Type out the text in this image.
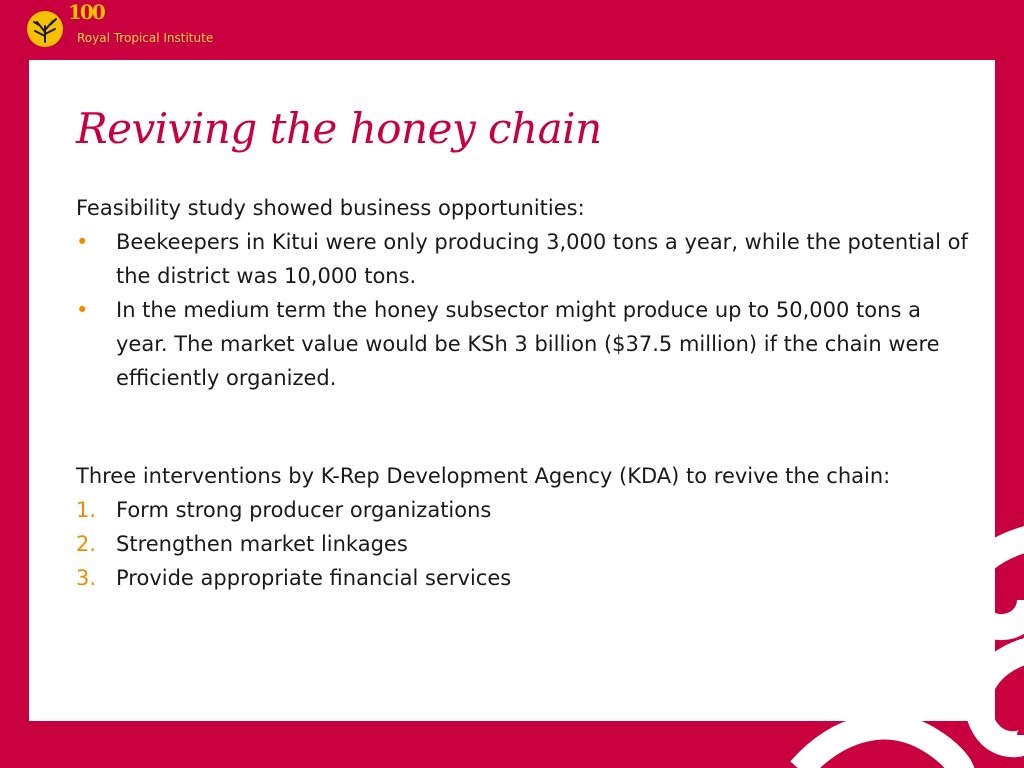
100
Royal Tropical Institute
Reviving the honey chain

Feasibility study showed business opportunities:

• Beekeepers in Kitui were only producing 3,000 tons a year, while the potential of the district was 10,000 tons.
• In the medium term the honey subsector might produce up to 50,000 tons a year. The market value would be KSh 3 billion ($37.5 million) if the chain were efficiently organized.

Three interventions by K-Rep Development Agency (KDA) to revive the chain:

1. Form strong producer organizations
2. Strengthen market linkages
3. Provide appropriate financial services
